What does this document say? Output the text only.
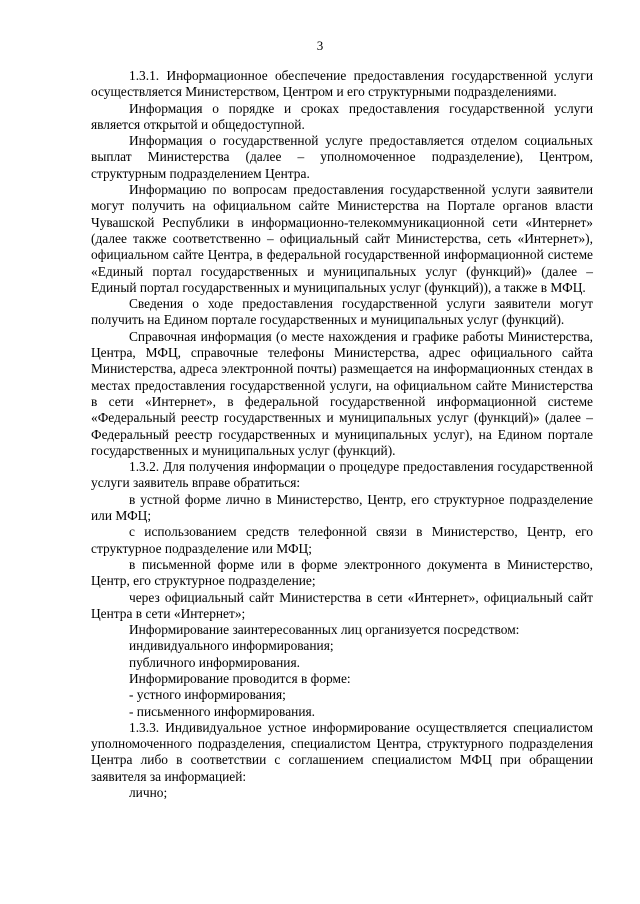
3

1.3.1. Информационное обеспечение предоставления государственной услуги осуществляется Министерством, Центром и его структурными подразделениями.

Информация о порядке и сроках предоставления государственной услуги является открытой и общедоступной.

Информация о государственной услуге предоставляется отделом социальных выплат Министерства (далее – уполномоченное подразделение), Центром, структурным подразделением Центра.

Информацию по вопросам предоставления государственной услуги заявители могут получить на официальном сайте Министерства на Портале органов власти Чувашской Республики в информационно-телекоммуникационной сети «Интернет» (далее также соответственно – официальный сайт Министерства, сеть «Интернет»), официальном сайте Центра, в федеральной государственной информационной системе «Единый портал государственных и муниципальных услуг (функций)» (далее – Единый портал государственных и муниципальных услуг (функций)), а также в МФЦ.

Сведения о ходе предоставления государственной услуги заявители могут получить на Едином портале государственных и муниципальных услуг (функций).

Справочная информация (о месте нахождения и графике работы Министерства, Центра, МФЦ, справочные телефоны Министерства, адрес официального сайта Министерства, адреса электронной почты) размещается на информационных стендах в местах предоставления государственной услуги, на официальном сайте Министерства в сети «Интернет», в федеральной государственной информационной системе «Федеральный реестр государственных и муниципальных услуг (функций)» (далее – Федеральный реестр государственных и муниципальных услуг), на Едином портале государственных и муниципальных услуг (функций).

1.3.2. Для получения информации о процедуре предоставления государственной услуги заявитель вправе обратиться:

в устной форме лично в Министерство, Центр, его структурное подразделение или МФЦ;

с использованием средств телефонной связи в Министерство, Центр, его структурное подразделение или МФЦ;

в письменной форме или в форме электронного документа в Министерство, Центр, его структурное подразделение;

через официальный сайт Министерства в сети «Интернет», официальный сайт Центра в сети «Интернет»;

Информирование заинтересованных лиц организуется посредством:

индивидуального информирования;

публичного информирования.

Информирование проводится в форме:

- устного информирования;

- письменного информирования.

1.3.3. Индивидуальное устное информирование осуществляется специалистом уполномоченного подразделения, специалистом Центра, структурного подразделения Центра либо в соответствии с соглашением специалистом МФЦ при обращении заявителя за информацией:

лично;
